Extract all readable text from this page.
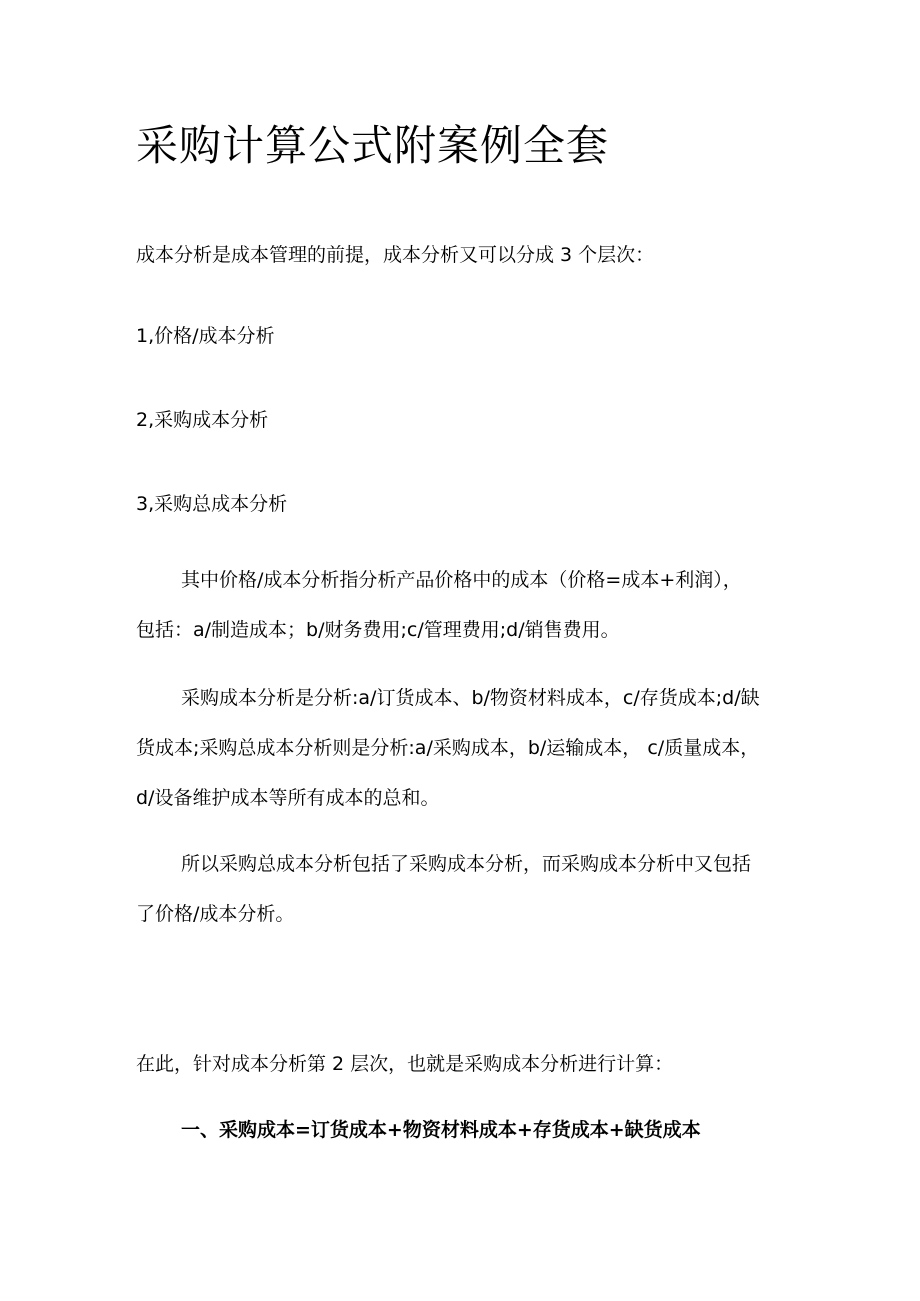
采购计算公式附案例全套

成本分析是成本管理的前提，成本分析又可以分成 3 个层次：

1,价格/成本分析

2,采购成本分析

3,采购总成本分析

其中价格/成本分析指分析产品价格中的成本（价格=成本+利润），
包括：a/制造成本；b/财务费用;c/管理费用;d/销售费用。
采购成本分析是分析:a/订货成本、b/物资材料成本，c/存货成本;d/缺
货成本;采购总成本分析则是分析:a/采购成本，b/运输成本， c/质量成本，
d/设备维护成本等所有成本的总和。
所以采购总成本分析包括了采购成本分析，而采购成本分析中又包括
了价格/成本分析。

在此，针对成本分析第 2 层次，也就是采购成本分析进行计算：

一、采购成本=订货成本+物资材料成本+存货成本+缺货成本
